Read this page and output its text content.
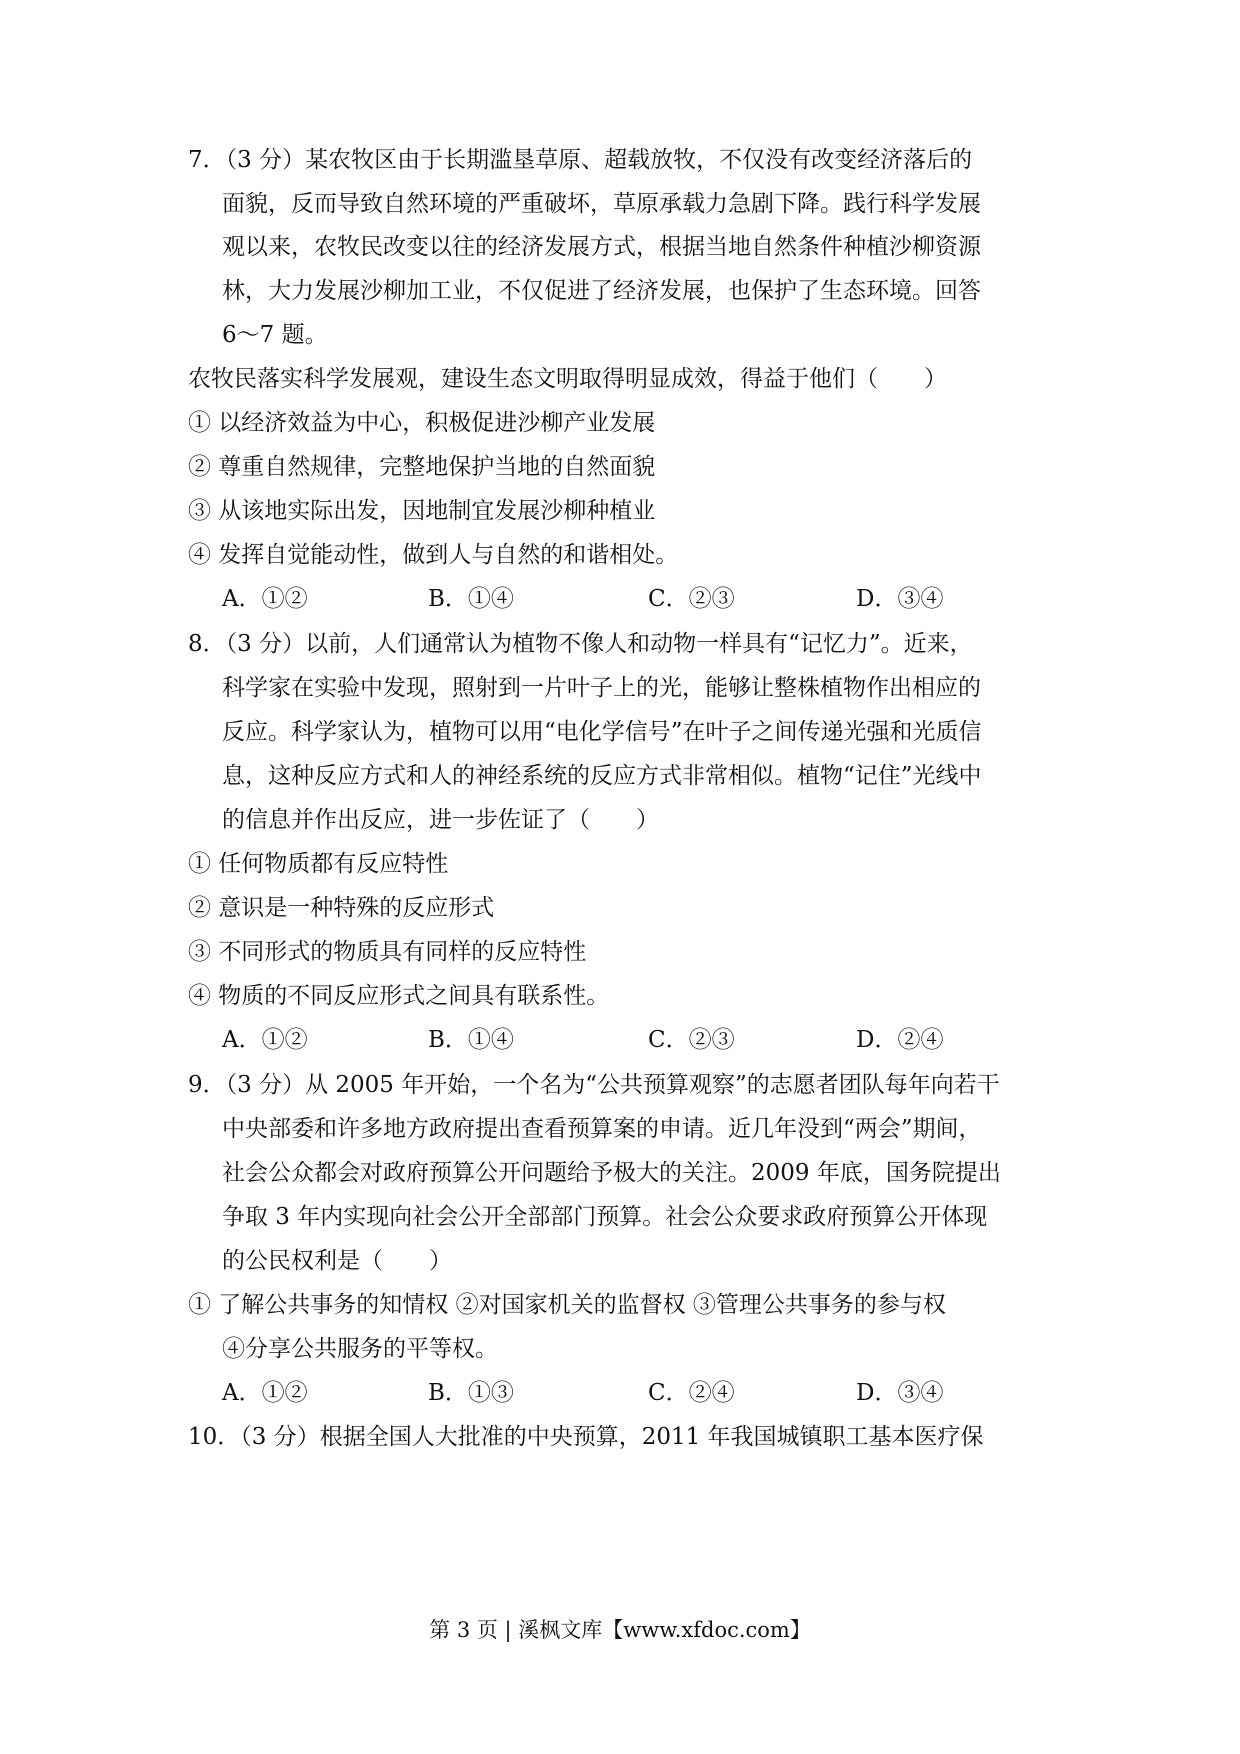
7．（3 分）某农牧区由于长期滥垦草原、超载放牧，不仅没有改变经济落后的
面貌，反而导致自然环境的严重破坏，草原承载力急剧下降。践行科学发展
观以来，农牧民改变以往的经济发展方式，根据当地自然条件种植沙柳资源
林，大力发展沙柳加工业，不仅促进了经济发展，也保护了生态环境。回答
6～7 题。
农牧民落实科学发展观，建设生态文明取得明显成效，得益于他们（　　）
① 以经济效益为中心，积极促进沙柳产业发展
② 尊重自然规律，完整地保护当地的自然面貌
③ 从该地实际出发，因地制宜发展沙柳种植业
④ 发挥自觉能动性，做到人与自然的和谐相处。
A．①②	B．①④	C．②③	D．③④
8．（3 分）以前，人们通常认为植物不像人和动物一样具有“记忆力”。近来，
科学家在实验中发现，照射到一片叶子上的光，能够让整株植物作出相应的
反应。科学家认为，植物可以用“电化学信号”在叶子之间传递光强和光质信
息，这种反应方式和人的神经系统的反应方式非常相似。植物“记住”光线中
的信息并作出反应，进一步佐证了（　　）
① 任何物质都有反应特性
② 意识是一种特殊的反应形式
③ 不同形式的物质具有同样的反应特性
④ 物质的不同反应形式之间具有联系性。
A．①②	B．①④	C．②③	D．②④
9．（3 分）从 2005 年开始，一个名为“公共预算观察”的志愿者团队每年向若干
中央部委和许多地方政府提出查看预算案的申请。近几年没到“两会”期间，
社会公众都会对政府预算公开问题给予极大的关注。2009 年底，国务院提出
争取 3 年内实现向社会公开全部部门预算。社会公众要求政府预算公开体现
的公民权利是（　　）
① 了解公共事务的知情权 ②对国家机关的监督权 ③管理公共事务的参与权
④分享公共服务的平等权。
A．①②	B．①③	C．②④	D．③④
10．（3 分）根据全国人大批准的中央预算，2011 年我国城镇职工基本医疗保
第 3 页 | 溪枫文库【www.xfdoc.com】
